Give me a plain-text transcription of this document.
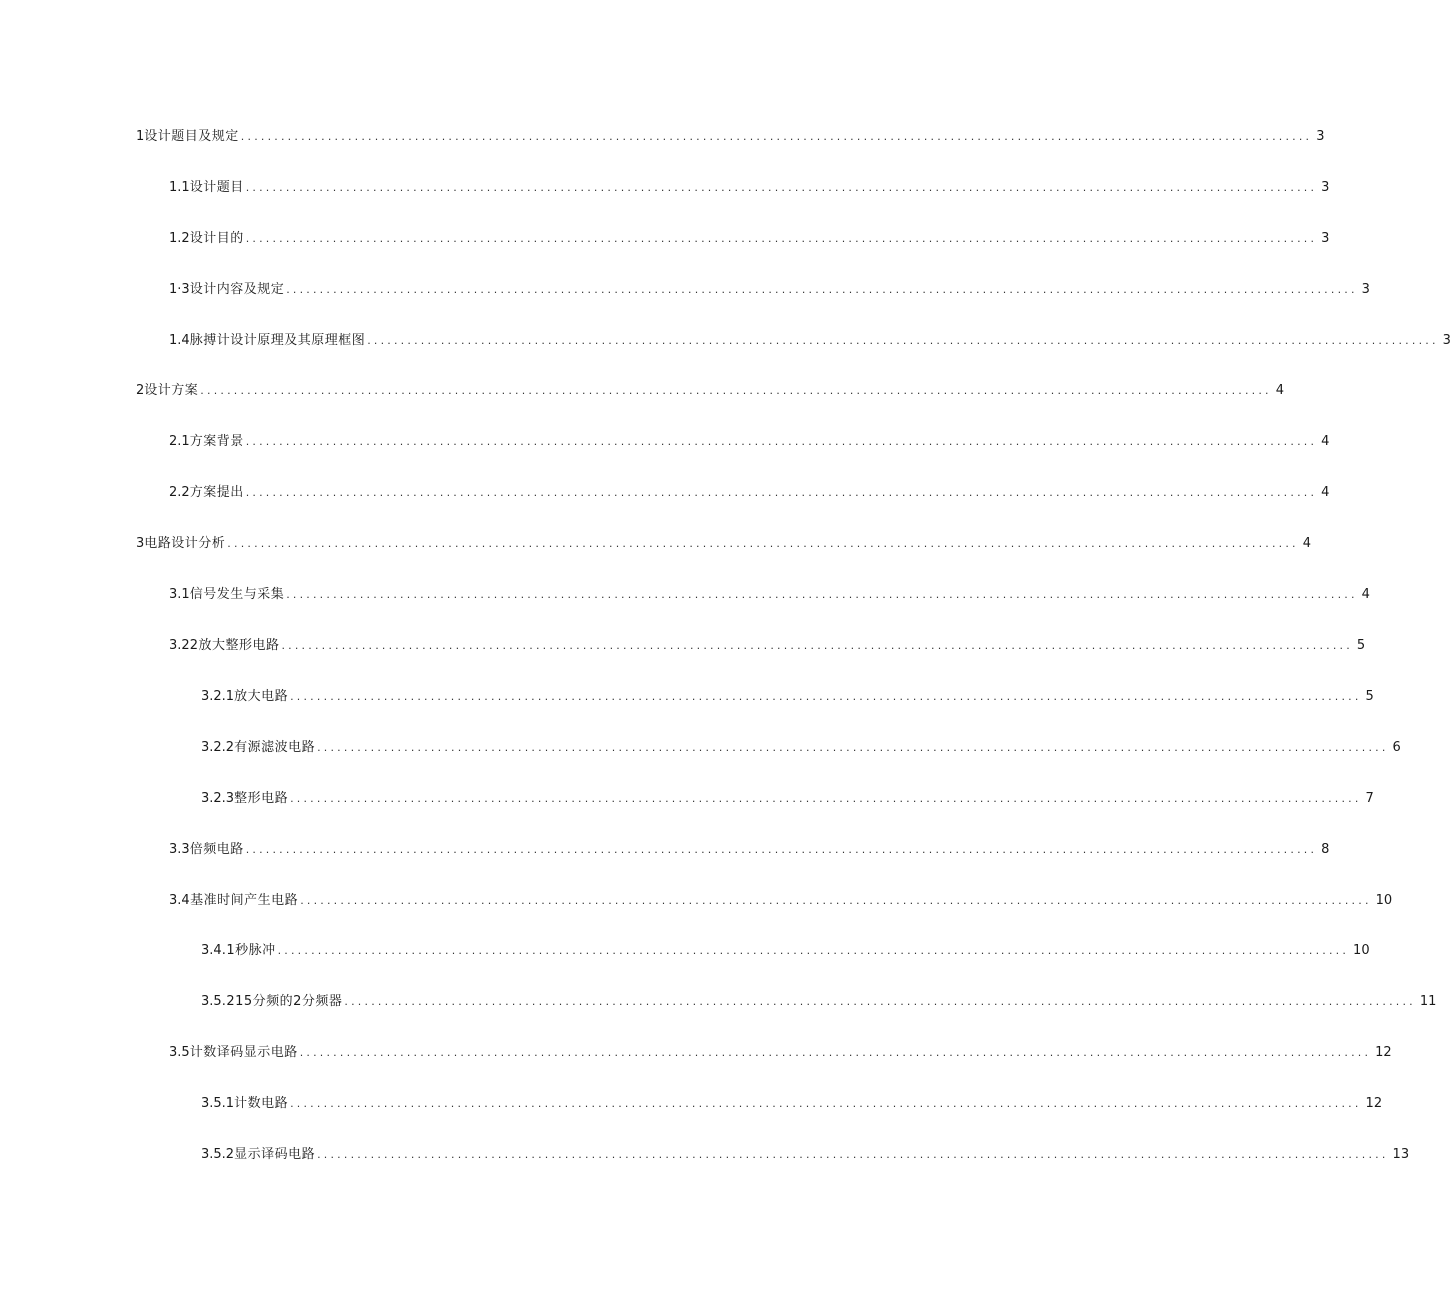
1 设计题目及规定 ................................................................................................................................................................ 3
1.1 设计题目 ................................................................................................................................................................ 3
1.2 设计目的 ................................................................................................................................................................ 3
1·3 设计内容及规定 ................................................................................................................................................................ 3
1.4 脉搏计设计原理及其原理框图 ................................................................................................................................................................ 3
2 设计方案 ................................................................................................................................................................ 4
2.1 方案背景 ................................................................................................................................................................ 4
2.2 方案提出 ................................................................................................................................................................ 4
3 电路设计分析 ................................................................................................................................................................ 4
3.1 信号发生与采集 ................................................................................................................................................................ 4
3.2 2放大整形电路 ................................................................................................................................................................ 5
3.2.1 放大电路 ................................................................................................................................................................ 5
3.2.2 有源滤波电路 ................................................................................................................................................................ 6
3.2.3 整形电路 ................................................................................................................................................................ 7
3.3 倍频电路 ................................................................................................................................................................ 8
3. 4基准时间产生电路 ................................................................................................................................................................ 10
3.4 .1秒脉冲 ................................................................................................................................................................ 10
3.5 .215分频的2分频器 ................................................................................................................................................................ 11
3.5 计数译码显示电路 ................................................................................................................................................................ 12
3.5.1 计数电路 ................................................................................................................................................................ 12
3.5.2 显示译码电路 ................................................................................................................................................................ 13
